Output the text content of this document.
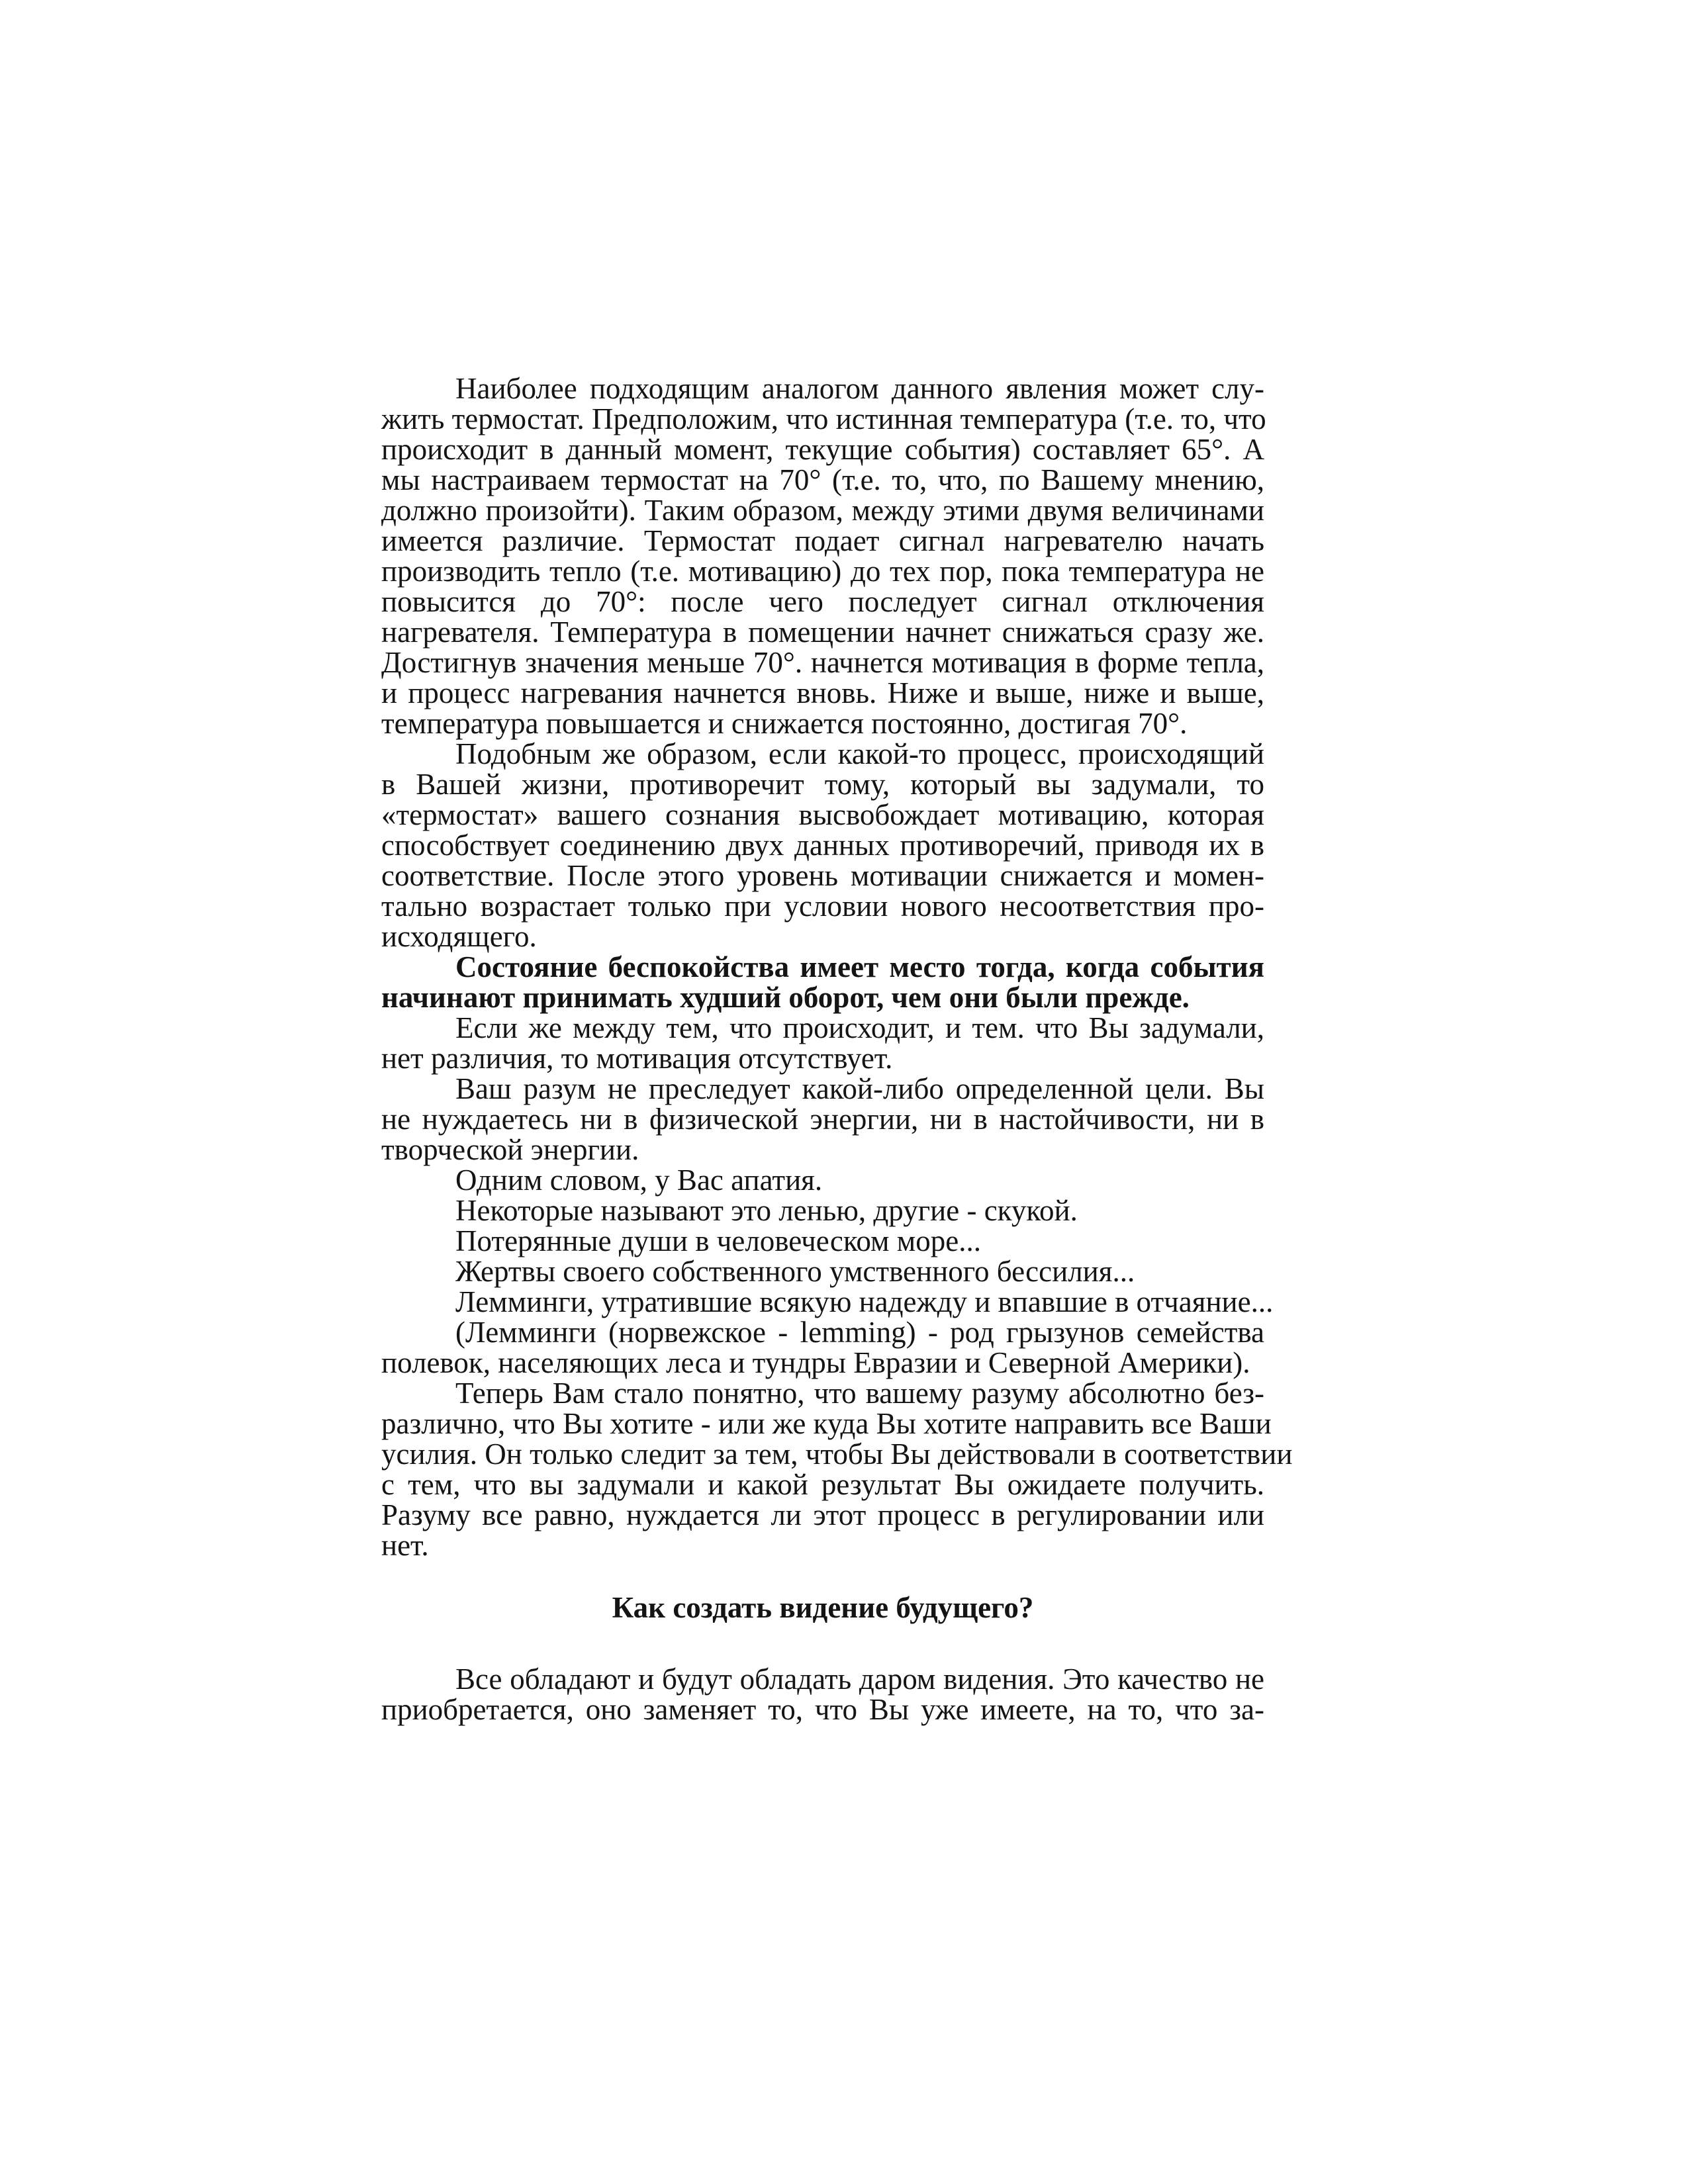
Наиболее подходящим аналогом данного явления может слу-
жить термостат. Предположим, что истинная температура (т.е. то, что
происходит в данный момент, текущие события) составляет 65°. А
мы настраиваем термостат на 70° (т.е. то, что, по Вашему мнению,
должно произойти). Таким образом, между этими двумя величинами
имеется различие. Термостат подает сигнал нагревателю начать
производить тепло (т.е. мотивацию) до тех пор, пока температура не
повысится до 70°: после чего последует сигнал отключения
нагревателя. Температура в помещении начнет снижаться сразу же.
Достигнув значения меньше 70°. начнется мотивация в форме тепла,
и процесс нагревания начнется вновь. Ниже и выше, ниже и выше,
температура повышается и снижается постоянно, достигая 70°.
Подобным же образом, если какой-то процесс, происходящий
в Вашей жизни, противоречит тому, который вы задумали, то
«термостат» вашего сознания высвобождает мотивацию, которая
способствует соединению двух данных противоречий, приводя их в
соответствие. После этого уровень мотивации снижается и момен-
тально возрастает только при условии нового несоответствия про-
исходящего.
Состояние беспокойства имеет место тогда, когда события
начинают принимать худший оборот, чем они были прежде.
Если же между тем, что происходит, и тем. что Вы задумали,
нет различия, то мотивация отсутствует.
Ваш разум не преследует какой-либо определенной цели. Вы
не нуждаетесь ни в физической энергии, ни в настойчивости, ни в
творческой энергии.
Одним словом, у Вас апатия.
Некоторые называют это ленью, другие - скукой.
Потерянные души в человеческом море...
Жертвы своего собственного умственного бессилия...
Лемминги, утратившие всякую надежду и впавшие в отчаяние...
(Лемминги (норвежское - lemming) - род грызунов семейства
полевок, населяющих леса и тундры Евразии и Северной Америки).
Теперь Вам стало понятно, что вашему разуму абсолютно без-
различно, что Вы хотите - или же куда Вы хотите направить все Ваши
усилия. Он только следит за тем, чтобы Вы действовали в соответствии
с тем, что вы задумали и какой результат Вы ожидаете получить.
Разуму все равно, нуждается ли этот процесс в регулировании или
нет.
Как создать видение будущего?
Все обладают и будут обладать даром видения. Это качество не
приобретается, оно заменяет то, что Вы уже имеете, на то, что за-
